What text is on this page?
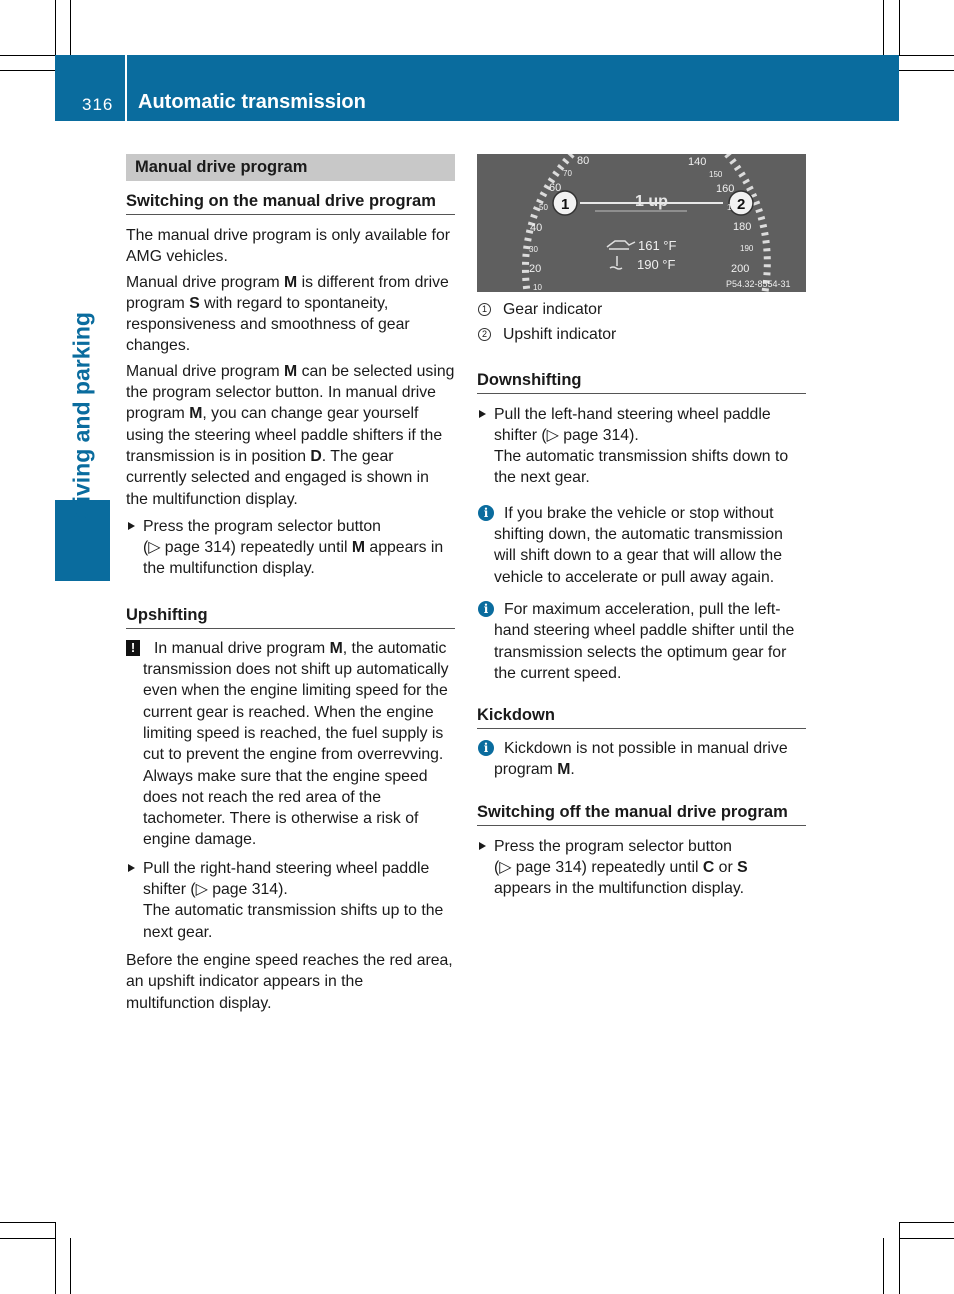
316 Automatic transmission
Driving and parking
Manual drive program
Switching on the manual drive program
The manual drive program is only available for AMG vehicles.
Manual drive program M is different from drive program S with regard to spontaneity, responsiveness and smoothness of gear changes.
Manual drive program M can be selected using the program selector button. In manual drive program M, you can change gear yourself using the steering wheel paddle shifters if the transmission is in position D. The gear currently selected and engaged is shown in the multifunction display.
Press the program selector button
(▷ page 314) repeatedly until M appears in the multifunction display.
Upshifting
!	In manual drive program M, the automatic transmission does not shift up automatically even when the engine limiting speed for the current gear is reached. When the engine limiting speed is reached, the fuel supply is cut to prevent the engine from overrevving. Always make sure that the engine speed does not reach the red area of the tachometer. There is otherwise a risk of engine damage.
Pull the right-hand steering wheel paddle shifter (▷ page 314).
The automatic transmission shifts up to the next gear.
Before the engine speed reaches the red area, an upshift indicator appears in the multifunction display.
80
70
60
50
40
30
20
10
140
150
160
170
180
190
200
1 up
161 °F
190 °F
P54.32-8554-31
1	2
1 Gear indicator
2 Upshift indicator
Downshifting
Pull the left-hand steering wheel paddle shifter (▷ page 314).
The automatic transmission shifts down to the next gear.
i If you brake the vehicle or stop without shifting down, the automatic transmission will shift down to a gear that will allow the vehicle to accelerate or pull away again.
i For maximum acceleration, pull the left-hand steering wheel paddle shifter until the transmission selects the optimum gear for the current speed.
Kickdown
i Kickdown is not possible in manual drive program M.
Switching off the manual drive program
Press the program selector button
(▷ page 314) repeatedly until C or S
appears in the multifunction display.
